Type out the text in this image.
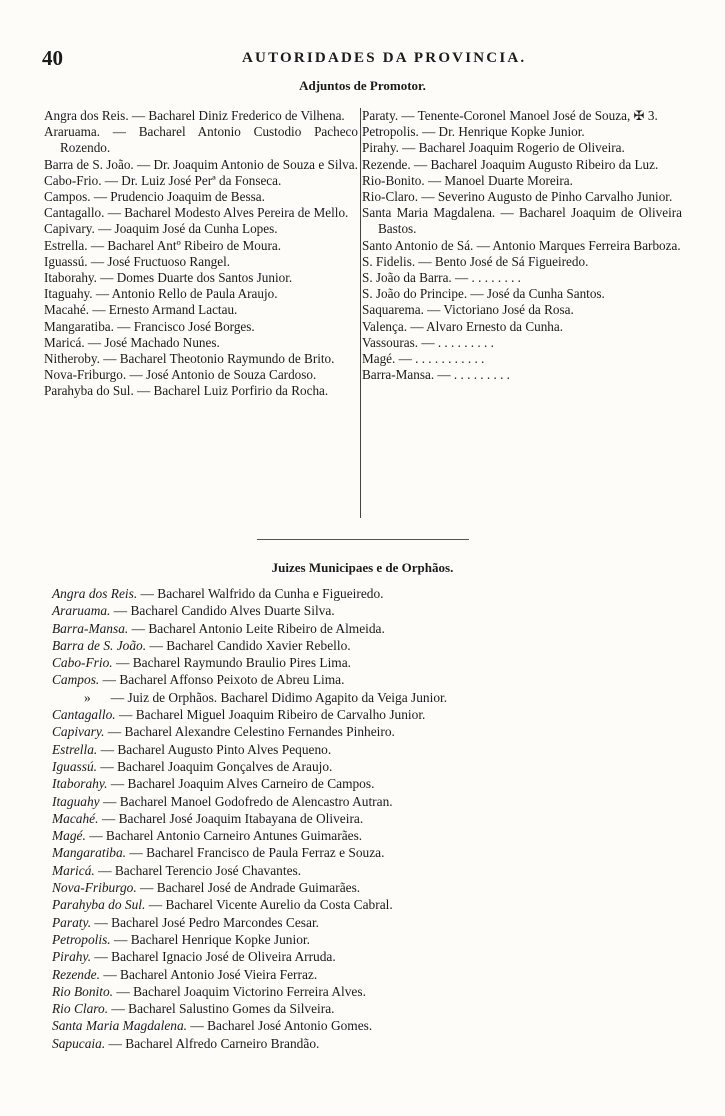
40	AUTORIDADES DA PROVINCIA.
Adjuntos de Promotor.
Angra dos Reis. — Bacharel Diniz Frederico de Vilhena.
Araruama. — Bacharel Antonio Custodio Pacheco Rozendo.
Barra de S. João. — Dr. Joaquim Antonio de Souza e Silva.
Cabo-Frio. — Dr. Luiz José Perª da Fonseca.
Campos. — Prudencio Joaquim de Bessa.
Cantagallo. — Bacharel Modesto Alves Pereira de Mello.
Capivary. — Joaquim José da Cunha Lopes.
Estrella. — Bacharel Antº Ribeiro de Moura.
Iguassú. — José Fructuoso Rangel.
Itaborahy. — Domes Duarte dos Santos Junior.
Itaguahy. — Antonio Rello de Paula Araujo.
Macahé. — Ernesto Armand Lactau.
Mangaratiba. — Francisco José Borges.
Maricá. — José Machado Nunes.
Nitheroby. — Bacharel Theotonio Raymundo de Brito.
Nova-Friburgo. — José Antonio de Souza Cardoso.
Parahyba do Sul. — Bacharel Luiz Porfirio da Rocha.
Paraty. — Tenente-Coronel Manoel José de Souza, ✠ 3.
Petropolis. — Dr. Henrique Kopke Junior.
Pirahy. — Bacharel Joaquim Rogerio de Oliveira.
Rezende. — Bacharel Joaquim Augusto Ribeiro da Luz.
Rio-Bonito. — Manoel Duarte Moreira.
Rio-Claro. — Severino Augusto de Pinho Carvalho Junior.
Santa Maria Magdalena. — Bacharel Joaquim de Oliveira Bastos.
Santo Antonio de Sá. — Antonio Marques Ferreira Barboza.
S. Fidelis. — Bento José de Sá Figueiredo.
S. João da Barra. — . . . . . . . .
S. João do Principe. — José da Cunha Santos.
Saquarema. — Victoriano José da Rosa.
Valença. — Alvaro Ernesto da Cunha.
Vassouras. — . . . . . . . . .
Magé. — . . . . . . . . . . .
Barra-Mansa. — . . . . . . . . .
Juizes Municipaes e de Orphãos.
Angra dos Reis. — Bacharel Walfrido da Cunha e Figueiredo.
Araruama. — Bacharel Candido Alves Duarte Silva.
Barra-Mansa. — Bacharel Antonio Leite Ribeiro de Almeida.
Barra de S. João. — Bacharel Candido Xavier Rebello.
Cabo-Frio. — Bacharel Raymundo Braulio Pires Lima.
Campos. — Bacharel Affonso Peixoto de Abreu Lima.
»      — Juiz de Orphãos. Bacharel Didimo Agapito da Veiga Junior.
Cantagallo. — Bacharel Miguel Joaquim Ribeiro de Carvalho Junior.
Capivary. — Bacharel Alexandre Celestino Fernandes Pinheiro.
Estrella. — Bacharel Augusto Pinto Alves Pequeno.
Iguassú. — Bacharel Joaquim Gonçalves de Araujo.
Itaborahy. — Bacharel Joaquim Alves Carneiro de Campos.
Itaguahy — Bacharel Manoel Godofredo de Alencastro Autran.
Macahé. — Bacharel José Joaquim Itabayana de Oliveira.
Magé. — Bacharel Antonio Carneiro Antunes Guimarães.
Mangaratiba. — Bacharel Francisco de Paula Ferraz e Souza.
Maricá. — Bacharel Terencio José Chavantes.
Nova-Friburgo. — Bacharel José de Andrade Guimarães.
Parahyba do Sul. — Bacharel Vicente Aurelio da Costa Cabral.
Paraty. — Bacharel José Pedro Marcondes Cesar.
Petropolis. — Bacharel Henrique Kopke Junior.
Pirahy. — Bacharel Ignacio José de Oliveira Arruda.
Rezende. — Bacharel Antonio José Vieira Ferraz.
Rio Bonito. — Bacharel Joaquim Victorino Ferreira Alves.
Rio Claro. — Bacharel Salustino Gomes da Silveira.
Santa Maria Magdalena. — Bacharel José Antonio Gomes.
Sapucaia. — Bacharel Alfredo Carneiro Brandão.
